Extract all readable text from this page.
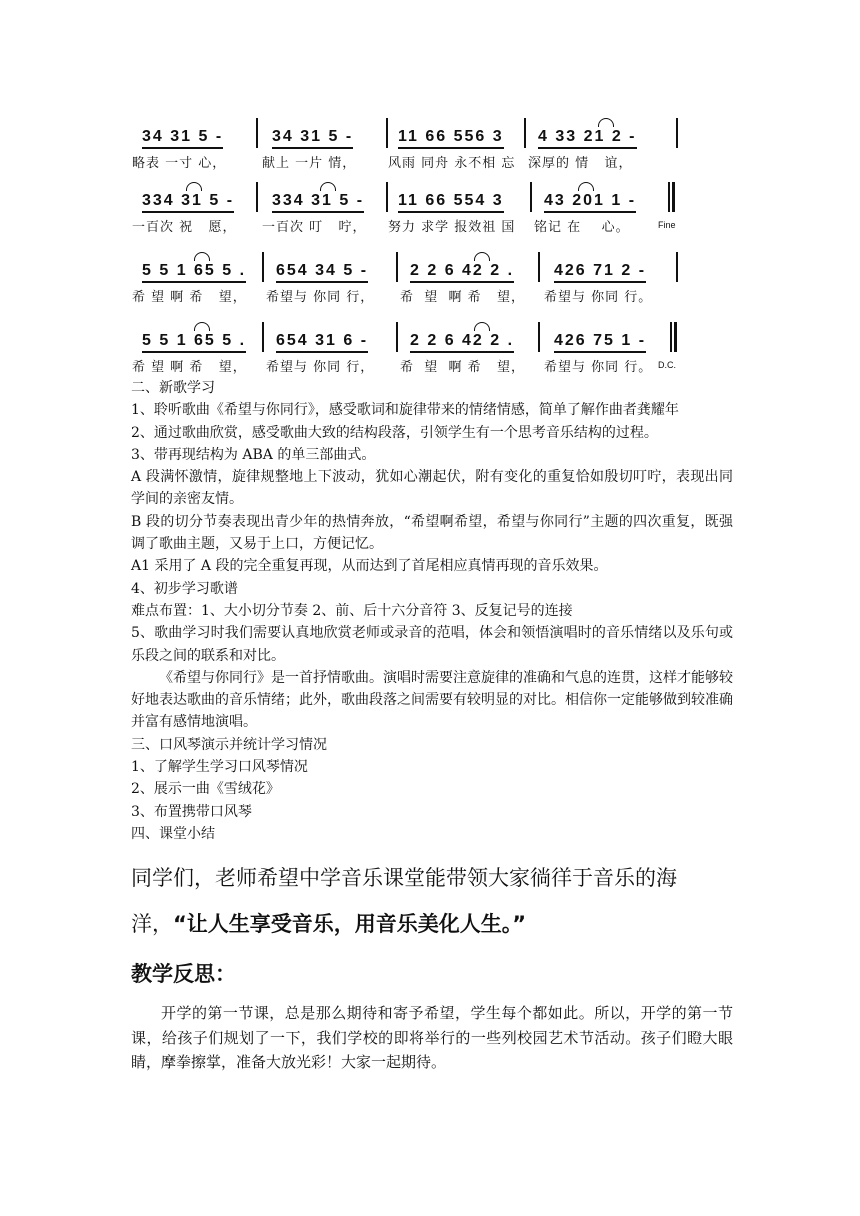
34 31 5 -
略表 一寸 心，
34 31 5 -
献上 一片 情，
11 66 556 3
风雨 同舟 永不相 忘
4 33 21 2 -
深厚的 情   谊，
334 31 5 -
一百次 祝   愿，
334 31 5 -
一百次 叮   咛，
11 66 554 3
努力 求学 报效祖 国
43 201 1 -
铭记 在    心。	Fine
5 5 1 65 5 .
希 望 啊 希   望，
654 34 5 -
希望与 你同 行，
2 2 6 42 2 .
希  望  啊 希   望，
426 71 2 -
希望与 你同 行。
5 5 1 65 5 .
希 望 啊 希   望，
654 31 6 -
希望与 你同 行，
2 2 6 42 2 .
希  望  啊 希   望，
426 75 1 -
希望与 你同 行。 D.C.

二、新歌学习

1、聆听歌曲《希望与你同行》，感受歌词和旋律带来的情绪情感，简单了解作曲者龚耀年

2、通过歌曲欣赏，感受歌曲大致的结构段落，引领学生有一个思考音乐结构的过程。

3、带再现结构为 ABA 的单三部曲式。

A 段满怀激情，旋律规整地上下波动，犹如心潮起伏，附有变化的重复恰如殷切叮咛，表现出同学间的亲密友情。

B 段的切分节奏表现出青少年的热情奔放，“希望啊希望，希望与你同行”主题的四次重复，既强调了歌曲主题，又易于上口，方便记忆。

A1 采用了 A 段的完全重复再现，从而达到了首尾相应真情再现的音乐效果。

4、初步学习歌谱

难点布置：1、大小切分节奏 2、前、后十六分音符 3、反复记号的连接

5、歌曲学习时我们需要认真地欣赏老师或录音的范唱，体会和领悟演唱时的音乐情绪以及乐句或乐段之间的联系和对比。

《希望与你同行》是一首抒情歌曲。演唱时需要注意旋律的准确和气息的连贯，这样才能够较好地表达歌曲的音乐情绪；此外，歌曲段落之间需要有较明显的对比。相信你一定能够做到较准确并富有感情地演唱。

三、口风琴演示并统计学习情况

1、了解学生学习口风琴情况

2、展示一曲《雪绒花》

3、布置携带口风琴

四、课堂小结

同学们，老师希望中学音乐课堂能带领大家徜徉于音乐的海洋，“让人生享受音乐，用音乐美化人生。”

教学反思：

开学的第一节课，总是那么期待和寄予希望，学生每个都如此。所以，开学的第一节课，给孩子们规划了一下，我们学校的即将举行的一些列校园艺术节活动。孩子们瞪大眼睛，摩拳擦掌，准备大放光彩！大家一起期待。
